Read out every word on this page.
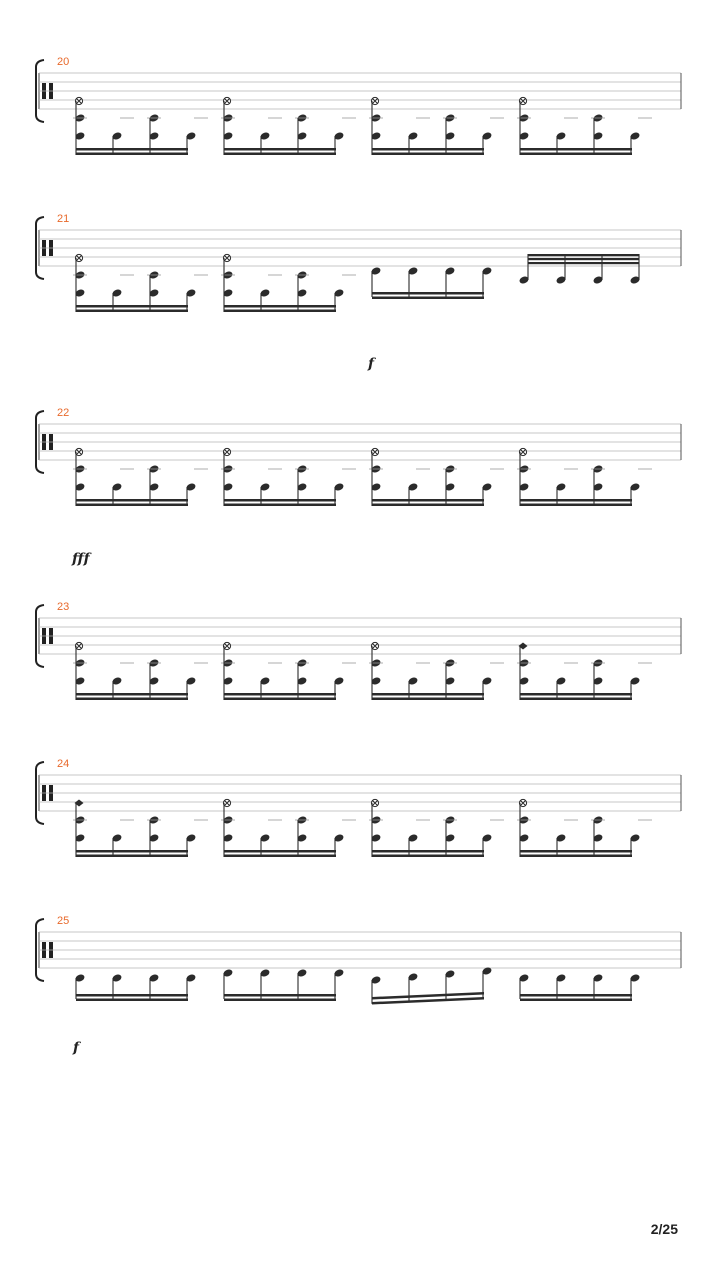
20
21
f
22
fff
23
24
25
f
2/25
